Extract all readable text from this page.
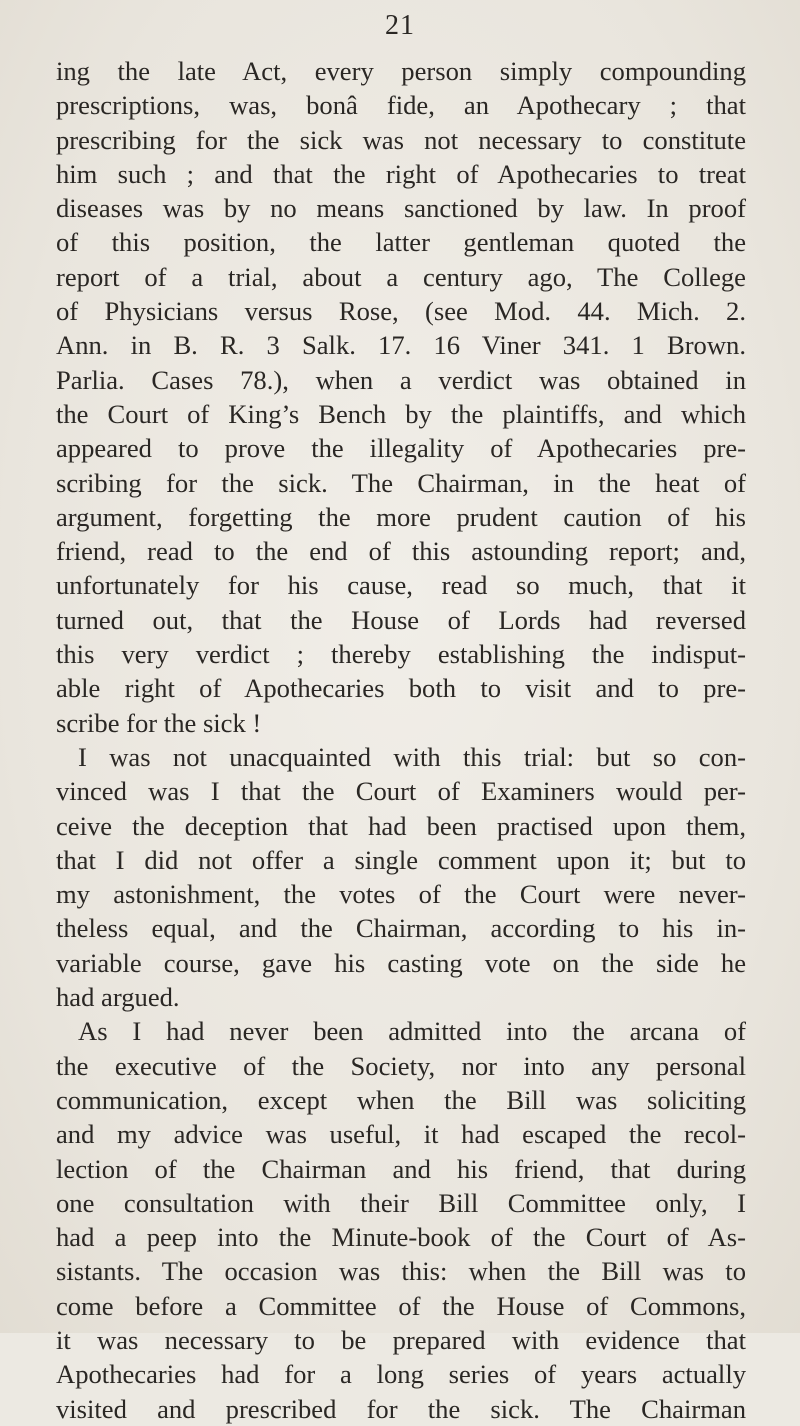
21
ing the late Act, every person simply compounding
prescriptions, was, bonâ fide, an Apothecary ; that
prescribing for the sick was not necessary to constitute
him such ; and that the right of Apothecaries to treat
diseases was by no means sanctioned by law. In proof
of this position, the latter gentleman quoted the
report of a trial, about a century ago, The College
of Physicians versus Rose, (see Mod. 44. Mich. 2.
Ann. in B. R. 3 Salk. 17. 16 Viner 341. 1 Brown.
Parlia. Cases 78.), when a verdict was obtained in
the Court of King’s Bench by the plaintiffs, and which
appeared to prove the illegality of Apothecaries pre-
scribing for the sick. The Chairman, in the heat of
argument, forgetting the more prudent caution of his
friend, read to the end of this astounding report; and,
unfortunately for his cause, read so much, that it
turned out, that the House of Lords had reversed
this very verdict ; thereby establishing the indisput-
able right of Apothecaries both to visit and to pre-
scribe for the sick !
I was not unacquainted with this trial: but so con-
vinced was I that the Court of Examiners would per-
ceive the deception that had been practised upon them,
that I did not offer a single comment upon it; but to
my astonishment, the votes of the Court were never-
theless equal, and the Chairman, according to his in-
variable course, gave his casting vote on the side he
had argued.
As I had never been admitted into the arcana of
the executive of the Society, nor into any personal
communication, except when the Bill was soliciting
and my advice was useful, it had escaped the recol-
lection of the Chairman and his friend, that during
one consultation with their Bill Committee only, I
had a peep into the Minute-book of the Court of As-
sistants. The occasion was this: when the Bill was to
come before a Committee of the House of Commons,
it was necessary to be prepared with evidence that
Apothecaries had for a long series of years actually
visited and prescribed for the sick. The Chairman
